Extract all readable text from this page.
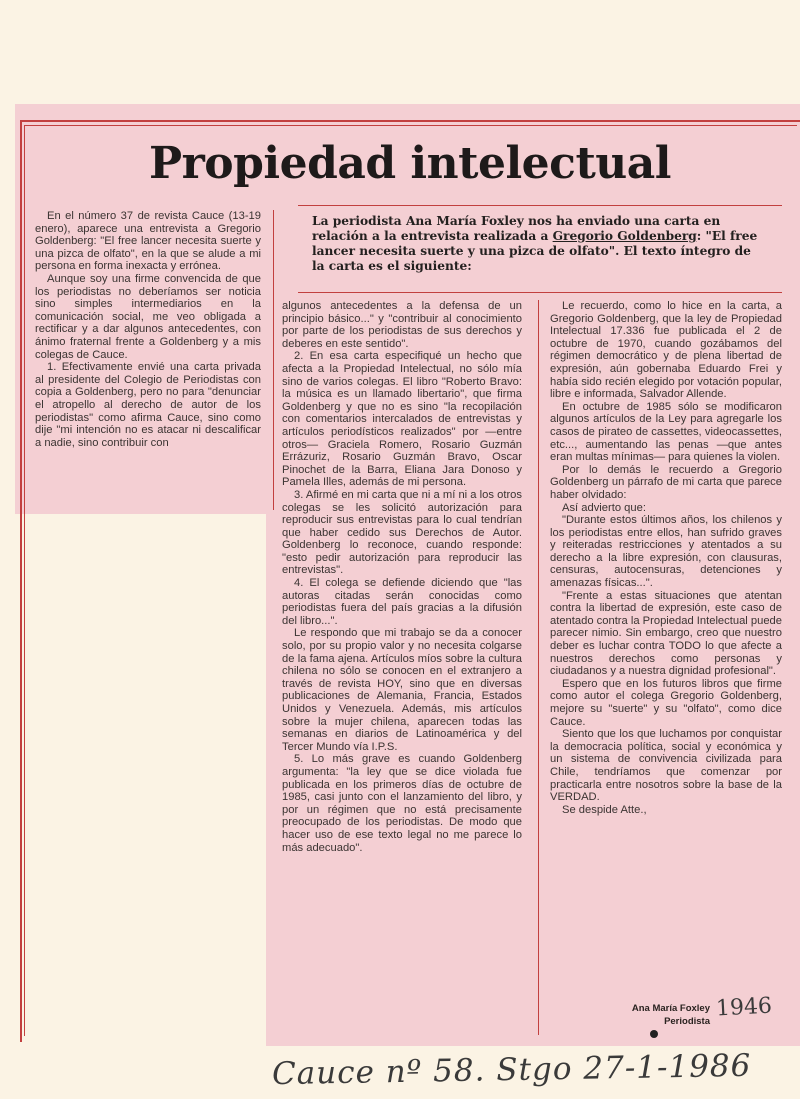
Propiedad intelectual

La periodista Ana María Foxley nos ha enviado una carta en relación a la entrevista realizada a Gregorio Goldenberg: "El free lancer necesita suerte y una pizca de olfato". El texto íntegro de la carta es el siguiente:

En el número 37 de revista Cauce (13-19 enero), aparece una entrevista a Gregorio Goldenberg: "El free lancer necesita suerte y una pizca de olfato", en la que se alude a mi persona en forma inexacta y errónea.

Aunque soy una firme convencida de que los periodistas no deberíamos ser noticia sino simples intermediarios en la comunicación social, me veo obligada a rectificar y a dar algunos antecedentes, con ánimo fraternal frente a Goldenberg y a mis colegas de Cauce.

1. Efectivamente envié una carta privada al presidente del Colegio de Periodistas con copia a Goldenberg, pero no para "denunciar el atropello al derecho de autor de los periodistas" como afirma Cauce, sino como dije "mi intención no es atacar ni descalificar a nadie, sino contribuir con

algunos antecedentes a la defensa de un principio básico..." y "contribuir al conocimiento por parte de los periodistas de sus derechos y deberes en este sentido".

2. En esa carta especifiqué un hecho que afecta a la Propiedad Intelectual, no sólo mía sino de varios colegas. El libro "Roberto Bravo: la música es un llamado libertario", que firma Goldenberg y que no es sino "la recopilación con comentarios intercalados de entrevistas y artículos periodísticos realizados" por —entre otros— Graciela Romero, Rosario Guzmán Errázuriz, Rosario Guzmán Bravo, Oscar Pinochet de la Barra, Eliana Jara Donoso y Pamela Illes, además de mi persona.

3. Afirmé en mi carta que ni a mí ni a los otros colegas se les solicitó autorización para reproducir sus entrevistas para lo cual tendrían que haber cedido sus Derechos de Autor. Goldenberg lo reconoce, cuando responde: "esto pedir autorización para reproducir las entrevistas".

4. El colega se defiende diciendo que "las autoras citadas serán conocidas como periodistas fuera del país gracias a la difusión del libro...".

Le respondo que mi trabajo se da a conocer solo, por su propio valor y no necesita colgarse de la fama ajena. Artículos míos sobre la cultura chilena no sólo se conocen en el extranjero a través de revista HOY, sino que en diversas publicaciones de Alemania, Francia, Estados Unidos y Venezuela. Además, mis artículos sobre la mujer chilena, aparecen todas las semanas en diarios de Latinoamérica y del Tercer Mundo vía I.P.S.

5. Lo más grave es cuando Goldenberg argumenta: "la ley que se dice violada fue publicada en los primeros días de octubre de 1985, casi junto con el lanzamiento del libro, y por un régimen que no está precisamente preocupado de los periodistas. De modo que hacer uso de ese texto legal no me parece lo más adecuado".

Le recuerdo, como lo hice en la carta, a Gregorio Goldenberg, que la ley de Propiedad Intelectual 17.336 fue publicada el 2 de octubre de 1970, cuando gozábamos del régimen democrático y de plena libertad de expresión, aún gobernaba Eduardo Frei y había sido recién elegido por votación popular, libre e informada, Salvador Allende.

En octubre de 1985 sólo se modificaron algunos artículos de la Ley para agregarle los casos de pirateo de cassettes, videocassettes, etc..., aumentando las penas —que antes eran multas mínimas— para quienes la violen.

Por lo demás le recuerdo a Gregorio Goldenberg un párrafo de mi carta que parece haber olvidado:

Así advierto que:

"Durante estos últimos años, los chilenos y los periodistas entre ellos, han sufrido graves y reiteradas restricciones y atentados a su derecho a la libre expresión, con clausuras, censuras, autocensuras, detenciones y amenazas físicas...".

"Frente a estas situaciones que atentan contra la libertad de expresión, este caso de atentado contra la Propiedad Intelectual puede parecer nimio. Sin embargo, creo que nuestro deber es luchar contra TODO lo que afecte a nuestros derechos como personas y ciudadanos y a nuestra dignidad profesional".

Espero que en los futuros libros que firme como autor el colega Gregorio Goldenberg, mejore su "suerte" y su "olfato", como dice Cauce.

Siento que los que luchamos por conquistar la democracia política, social y económica y un sistema de convivencia civilizada para Chile, tendríamos que comenzar por practicarla entre nosotros sobre la base de la VERDAD.

Se despide Atte.,

Ana María Foxley
Periodista
1946
Cauce nº 58. Stgo 27-1-1986
